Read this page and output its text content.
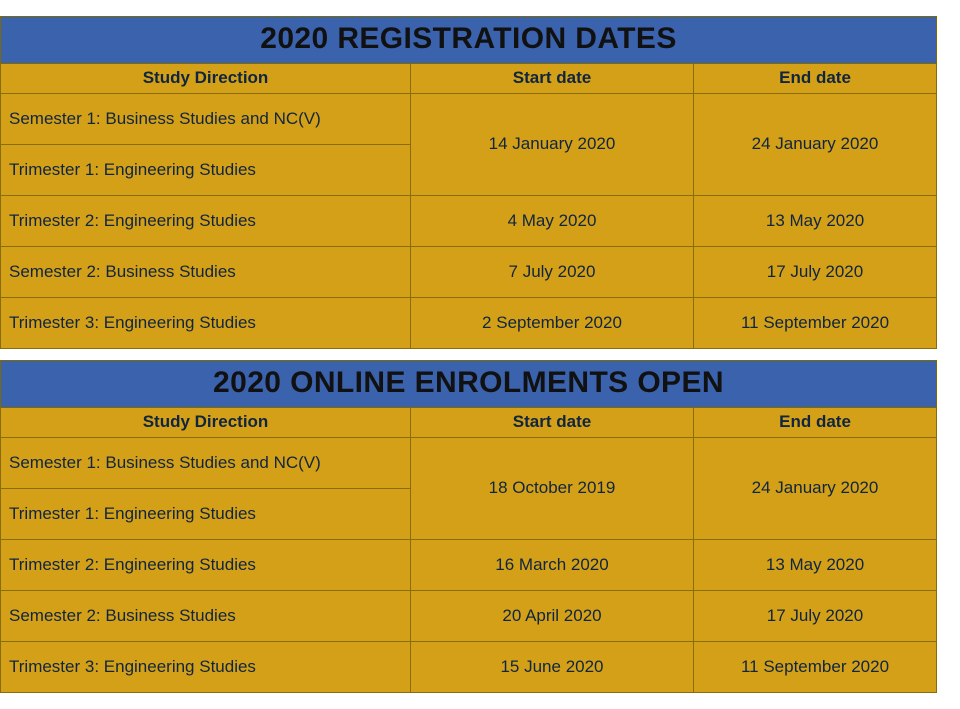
2020 REGISTRATION DATES		

Study Direction	Start date	End date
Semester 1: Business Studies and NC(V)	14 January 2020	24 January 2020
Trimester 1: Engineering Studies		
Trimester 2: Engineering Studies	4 May 2020	13 May 2020
Semester 2: Business Studies	7 July 2020	17 July 2020
Trimester 3: Engineering Studies	2 September 2020	11 September 2020
2020 ONLINE ENROLMENTS OPEN		

Study Direction	Start date	End date
Semester 1: Business Studies and NC(V)	18 October 2019	24 January 2020
Trimester 1: Engineering Studies		
Trimester 2: Engineering Studies	16 March 2020	13 May 2020
Semester 2: Business Studies	20 April 2020	17 July 2020
Trimester 3: Engineering Studies	15 June 2020	11 September 2020
